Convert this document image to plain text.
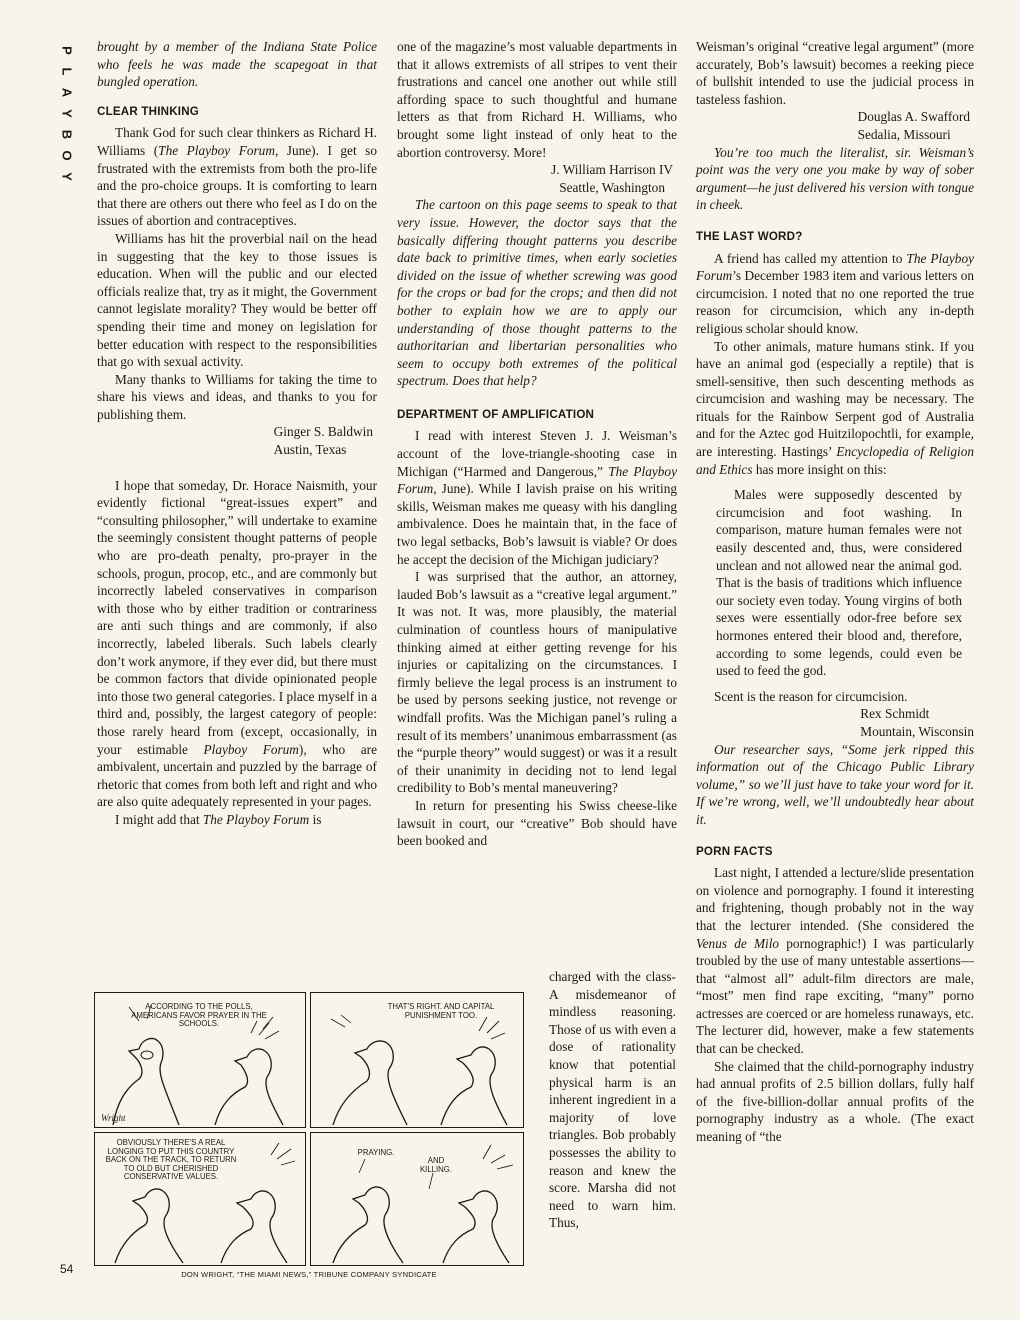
P
L
A
Y
B
O
Y
54

brought by a member of the Indiana State Police who feels he was made the scapegoat in that bungled operation.

CLEAR THINKING

Thank God for such clear thinkers as Richard H. Williams (The Playboy Forum, June). I get so frustrated with the extremists from both the pro-life and the pro-choice groups. It is comforting to learn that there are others out there who feel as I do on the issues of abortion and contraceptives.

Williams has hit the proverbial nail on the head in suggesting that the key to those issues is education. When will the public and our elected officials realize that, try as it might, the Government cannot legislate morality? They would be better off spending their time and money on legislation for better education with respect to the responsibilities that go with sexual activity.

Many thanks to Williams for taking the time to share his views and ideas, and thanks to you for publishing them.

Ginger S. Baldwin
Austin, Texas

I hope that someday, Dr. Horace Naismith, your evidently fictional “great-issues expert” and “consulting philosopher,” will undertake to examine the seemingly consistent thought patterns of people who are pro-death penalty, pro-prayer in the schools, progun, procop, etc., and are commonly but incorrectly labeled conservatives in comparison with those who by either tradition or contrariness are anti such things and are commonly, if also incorrectly, labeled liberals. Such labels clearly don’t work anymore, if they ever did, but there must be common factors that divide opinionated people into those two general categories. I place myself in a third and, possibly, the largest category of people: those rarely heard from (except, occasionally, in your estimable Playboy Forum), who are ambivalent, uncertain and puzzled by the barrage of rhetoric that comes from both left and right and who are also quite adequately represented in your pages.

I might add that The Playboy Forum is

one of the magazine’s most valuable departments in that it allows extremists of all stripes to vent their frustrations and cancel one another out while still affording space to such thoughtful and humane letters as that from Richard H. Williams, who brought some light instead of only heat to the abortion controversy. More!

J. William Harrison IV
Seattle, Washington

The cartoon on this page seems to speak to that very issue. However, the doctor says that the basically differing thought patterns you describe date back to primitive times, when early societies divided on the issue of whether screwing was good for the crops or bad for the crops; and then did not bother to explain how we are to apply our understanding of those thought patterns to the authoritarian and libertarian personalities who seem to occupy both extremes of the political spectrum. Does that help?

DEPARTMENT OF AMPLIFICATION

I read with interest Steven J. J. Weisman’s account of the love-triangle-shooting case in Michigan (“Harmed and Dangerous,” The Playboy Forum, June). While I lavish praise on his writing skills, Weisman makes me queasy with his dangling ambivalence. Does he maintain that, in the face of two legal setbacks, Bob’s lawsuit is viable? Or does he accept the decision of the Michigan judiciary?

I was surprised that the author, an attorney, lauded Bob’s lawsuit as a “creative legal argument.” It was not. It was, more plausibly, the material culmination of countless hours of manipulative thinking aimed at either getting revenge for his injuries or capitalizing on the circumstances. I firmly believe the legal process is an instrument to be used by persons seeking justice, not revenge or windfall profits. Was the Michigan panel’s ruling a result of its members’ unanimous embarrassment (as the “purple theory” would suggest) or was it a result of their unanimity in deciding not to lend legal credibility to Bob’s mental maneuvering?

In return for presenting his Swiss cheese-like lawsuit in court, our “creative” Bob should have been booked and

charged with the class-A misdemeanor of mindless reasoning. Those of us with even a dose of rationality know that potential physical harm is an inherent ingredient in a majority of love triangles. Bob probably possesses the ability to reason and knew the score. Marsha did not need to warn him. Thus,

Weisman’s original “creative legal argument” (more accurately, Bob’s lawsuit) becomes a reeking piece of bullshit intended to use the judicial process in tasteless fashion.

Douglas A. Swafford
Sedalia, Missouri

You’re too much the literalist, sir. Weisman’s point was the very one you make by way of sober argument—he just delivered his version with tongue in cheek.

THE LAST WORD?

A friend has called my attention to The Playboy Forum’s December 1983 item and various letters on circumcision. I noted that no one reported the true reason for circumcision, which any in-depth religious scholar should know.

To other animals, mature humans stink. If you have an animal god (especially a reptile) that is smell-sensitive, then such descenting methods as circumcision and washing may be necessary. The rituals for the Rainbow Serpent god of Australia and for the Aztec god Huitzilopochtli, for example, are interesting. Hastings’ Encyclopedia of Religion and Ethics has more insight on this:

Males were supposedly descented by circumcision and foot washing. In comparison, mature human females were not easily descented and, thus, were considered unclean and not allowed near the animal god. That is the basis of traditions which influence our society even today. Young virgins of both sexes were essentially odor-free before sex hormones entered their blood and, therefore, according to some legends, could even be used to feed the god.

Scent is the reason for circumcision.

Rex Schmidt
Mountain, Wisconsin

Our researcher says, “Some jerk ripped this information out of the Chicago Public Library volume,” so we’ll just have to take your word for it. If we’re wrong, well, we’ll undoubtedly hear about it.

PORN FACTS

Last night, I attended a lecture/slide presentation on violence and pornography. I found it interesting and frightening, though probably not in the way that the lecturer intended. (She considered the Venus de Milo pornographic!) I was particularly troubled by the use of many untestable assertions—that “almost all” adult-film directors are male, “most” men find rape exciting, “many” porno actresses are coerced or are homeless runaways, etc. The lecturer did, however, make a few statements that can be checked.

She claimed that the child-pornography industry had annual profits of 2.5 billion dollars, fully half of the five-billion-dollar annual profits of the pornography industry as a whole. (The exact meaning of “the

Wright
ACCORDING TO THE POLLS, AMERICANS FAVOR PRAYER IN THE SCHOOLS.
THAT’S RIGHT. AND CAPITAL PUNISHMENT TOO.
OBVIOUSLY THERE’S A REAL LONGING TO PUT THIS COUNTRY BACK ON THE TRACK, TO RETURN TO OLD BUT CHERISHED CONSERVATIVE VALUES.
PRAYING.
AND KILLING.
DON WRIGHT, “THE MIAMI NEWS,” TRIBUNE COMPANY SYNDICATE
